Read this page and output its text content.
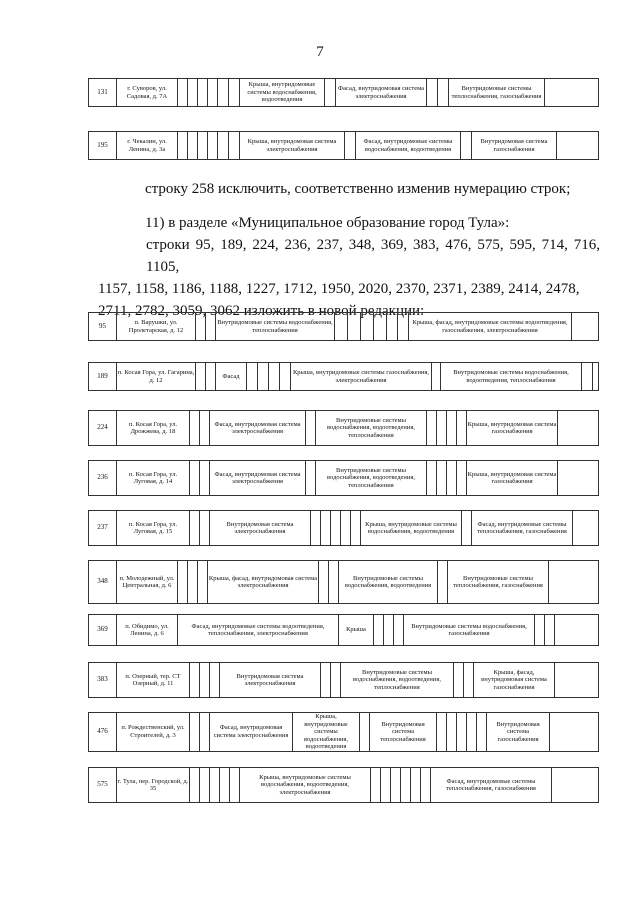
7
131	г. Суворов, ул. Садовая, д. 7А							Крыша, внутридомовые системы водоснабжения, водоотведения		Фасад, внутридомовая система электроснабжения			Внутридомовые системы теплоснабжения, газоснабжения	
195	г. Чекалин, ул. Ленина, д. 3а							Крыша, внутридомовая система электроснабжения		Фасад, внутридомовые системы водоснабжения, водоотведения		Внутридомовая система газоснабжения	
строку 258 исключить, соответственно изменив нумерацию строк;
11) в разделе «Муниципальное образование город Тула»:
строки 95, 189, 224, 236, 237, 348, 369, 383, 476, 575, 595, 714, 716, 1105,
1157, 1158, 1186, 1188, 1227, 1712, 1950, 2020, 2370, 2371, 2389, 2414, 2478,
2711, 2782, 3059, 3062 изложить в новой редакции:
95	п. Варушки, ул. Пролетарская, д. 12			Внутридомовые системы водоснабжения, теплоснабжения							Крыша, фасад, внутридомовые системы водоотведения, газоснабжения, электроснабжения	
189	п. Косая Гора, ул. Гагарина, д. 12			Фасад					Крыша, внутридомовые системы газоснабжения, электроснабжения		Внутридомовые системы водоснабжения, водоотведения, теплоснабжения		
224	п. Косая Гора, ул. Дрожжева, д. 18			Фасад, внутридомовая система электроснабжения		Внутридомовые системы водоснабжения, водоотведения, теплоснабжения					Крыша, внутридомовая система газоснабжения	
236	п. Косая Гора, ул. Луговая, д. 14			Фасад, внутридомовая система электроснабжения		Внутридомовые системы водоснабжения, водоотведения, теплоснабжения					Крыша, внутридомовая система газоснабжения	
237	п. Косая Гора, ул. Луговая, д. 15			Внутридомовая система электроснабжения						Крыша, внутридомовые системы водоснабжения, водоотведения		Фасад, внутридомовые системы теплоснабжения, газоснабжения	
348	п. Молодежный, ул. Центральная, д. 6				Крыша, фасад, внутридомовая система электроснабжения			Внутридомовые системы водоснабжения, водоотведения		Внутридомовые системы теплоснабжения, газоснабжения	
369	п. Обидимо, ул. Ленина, д. 6	Фасад, внутридомовые системы водоотведения, теплоснабжения, электроснабжения	Крыша				Внутридомовые системы водоснабжения, газоснабжения			
383	п. Озерный, тер. СТ Озерный, д. 11				Внутридомовая система электроснабжения			Внутридомовые системы водоснабжения, водоотведения, теплоснабжения			Крыша, фасад, внутридомовая система газоснабжения	
476	п. Рождественский, ул. Строителей, д. 3			Фасад, внутридомовая система электроснабжения	Крыша, внутридомовые системы водоснабжения, водоотведения		Внутридомовая система теплоснабжения						Внутридомовая система газоснабжения	
575	г. Тула, пер. Городской, д. 35						Крыша, внутридомовые системы водоснабжения, водоотведения, электроснабжения							Фасад, внутридомовые системы теплоснабжения, газоснабжения	
